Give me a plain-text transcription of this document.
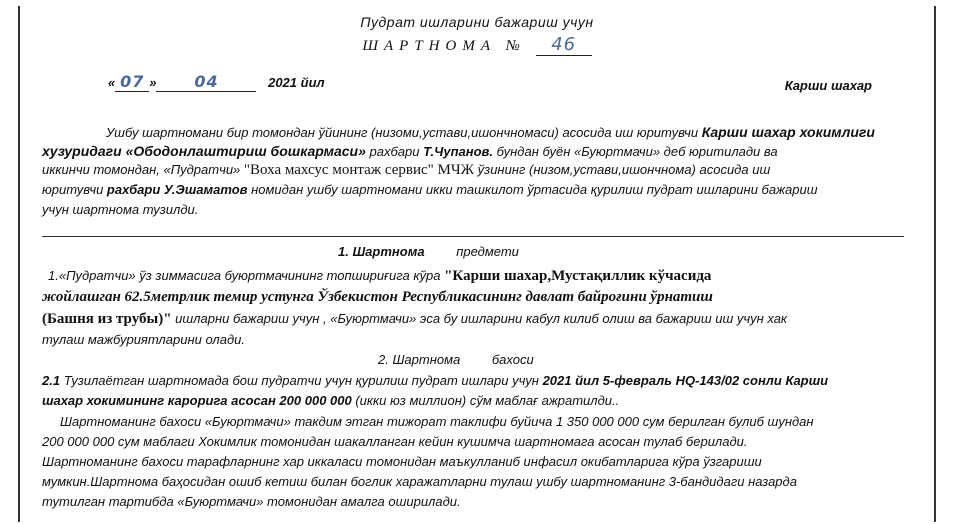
Пудрат ишларини бажариш учун
ШАРТНОМА № 46
« 07 » 04	2021 йил	Карши шахар
Ушбу шартномани бир томондан ўйининг (низоми,устави,ишончномаси) асосида иш юритувчи Карши шахар хокимлиги
хузуридаги «Ободонлаштириш бошкармаси» рахбари Т.Чупанов. бундан буён «Буюртмачи» деб юритилади ва
иккинчи томондан, «Пудратчи» "Воха махсус монтаж сервис" МЧЖ ўзининг (низом,устави,ишончнома) асосида иш
юритувчи рахбари У.Эшаматов номидан ушбу шартномани икки ташкилот ўртасида қурилиш пудрат ишларини бажариш
учун шартнома тузилди.
1. Шартнома предмети
1.«Пудратчи» ўз зиммасига буюртмачининг топшириғига кўра "Карши шахар,Мустақиллик кўчасида
жойлашган 62.5метрлик темир устунга Ўзбекистон Республикасининг давлат байроғини ўрнатиш
(Башня из трубы)" ишларни бажариш учун , «Буюртмачи» эса бу ишларини кабул килиб олиш ва бажариш иш учун хак
тулаш мажбуриятларини олади.
2. Шартнома бахоси
2.1 Тузилаётган шартномада бош пудратчи учун қурилиш пудрат ишлари учун 2021 йил 5-февраль HQ-143/02 сонли Карши
шахар хокимининг карорига асосан 200 000 000 (икки юз миллион) сўм маблағ ажратилди..
Шартноманинг бахоси «Буюртмачи» такдим этган тижорат таклифи буйича 1 350 000 000 сум берилган булиб шундан
200 000 000 сум маблаги Хокимлик томонидан шакалланган кейин кушимча шартномага асосан тулаб берилади.
Шартноманинг бахоси тарафларнинг хар иккаласи томонидан маъкулланиб инфасил окибатларига кўра ўзгариши
мумкин.Шартнома баҳосидан ошиб кетиш билан боглик харажатларни тулаш ушбу шартноманинг 3-бандидаги назарда
тутилган тартибда «Буюртмачи» томонидан амалга оширилади.
